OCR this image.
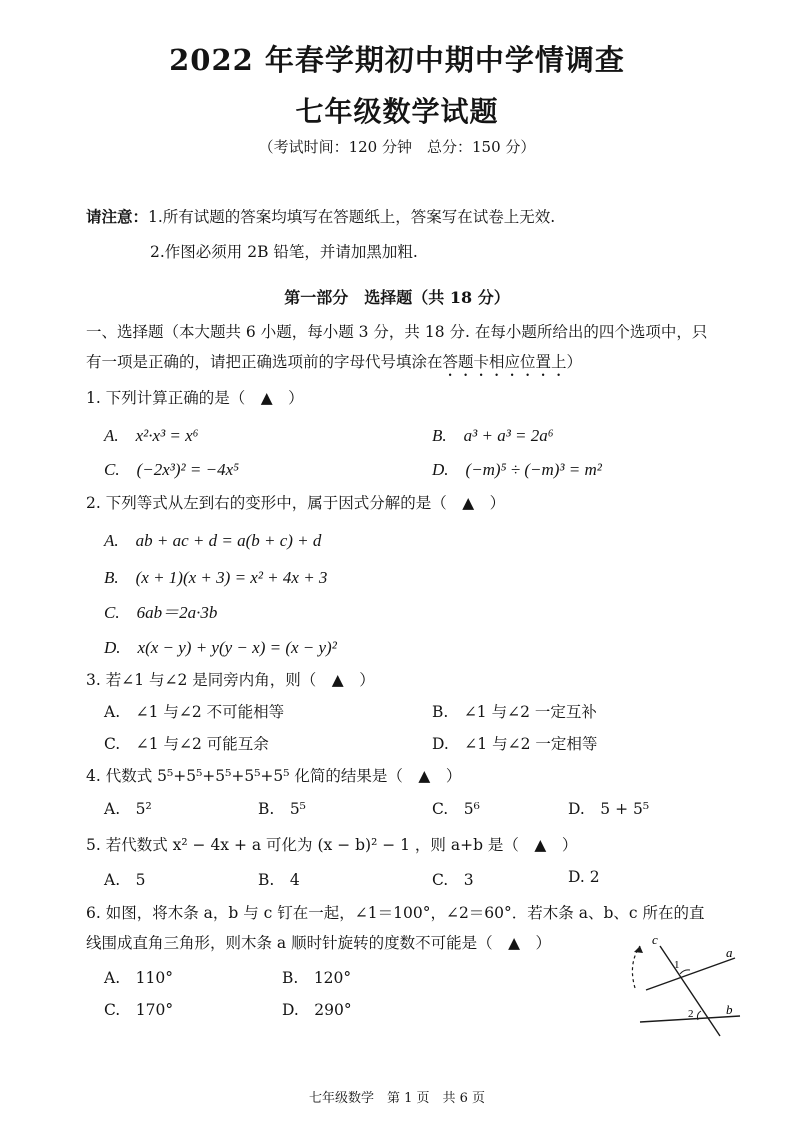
2022 年春学期初中期中学情调查
七年级数学试题
（考试时间：120 分钟　总分：150 分）
请注意：1.所有试题的答案均填写在答题纸上，答案写在试卷上无效.
2.作图必须用 2B 铅笔，并请加黑加粗.
第一部分　选择题（共 18 分）
一、选择题（本大题共 6 小题，每小题 3 分，共 18 分. 在每小题所给出的四个选项中，只
有一项是正确的，请把正确选项前的字母代号填涂在答题卡相应位置上）
1. 下列计算正确的是（　▲　）
A.　x²·x³ = x⁶	B.　a³ + a³ = 2a⁶
C.　(−2x³)² = −4x⁵	D.　(−m)⁵ ÷ (−m)³ = m²
2. 下列等式从左到右的变形中，属于因式分解的是（　▲　）
A.　ab + ac + d = a(b + c) + d
B.　(x + 1)(x + 3) = x² + 4x + 3
C.　6ab＝2a·3b
D.　x(x − y) + y(y − x) = (x − y)²
3. 若∠1 与∠2 是同旁内角，则（　▲　）
A.　∠1 与∠2 不可能相等	B.　∠1 与∠2 一定互补
C.　∠1 与∠2 可能互余	D.　∠1 与∠2 一定相等
4. 代数式 5⁵+5⁵+5⁵+5⁵+5⁵ 化简的结果是（　▲　）
A.　5²	B.　5⁵	C.　5⁶	D.　5 + 5⁵
5. 若代数式 x² − 4x + a 可化为 (x − b)² − 1 ，则 a+b 是（　▲　）
A.　5	B.　4	C.　3	D. 2
6. 如图，将木条 a，b 与 c 钉在一起，∠1＝100°，∠2＝60°．若木条 a、b、c 所在的直
线围成直角三角形，则木条 a 顺时针旋转的度数不可能是（　▲　）
A.　110°	B.　120°
C.　170°	D.　290°
c
a
b
1
2
七年级数学　第 1 页　共 6 页
